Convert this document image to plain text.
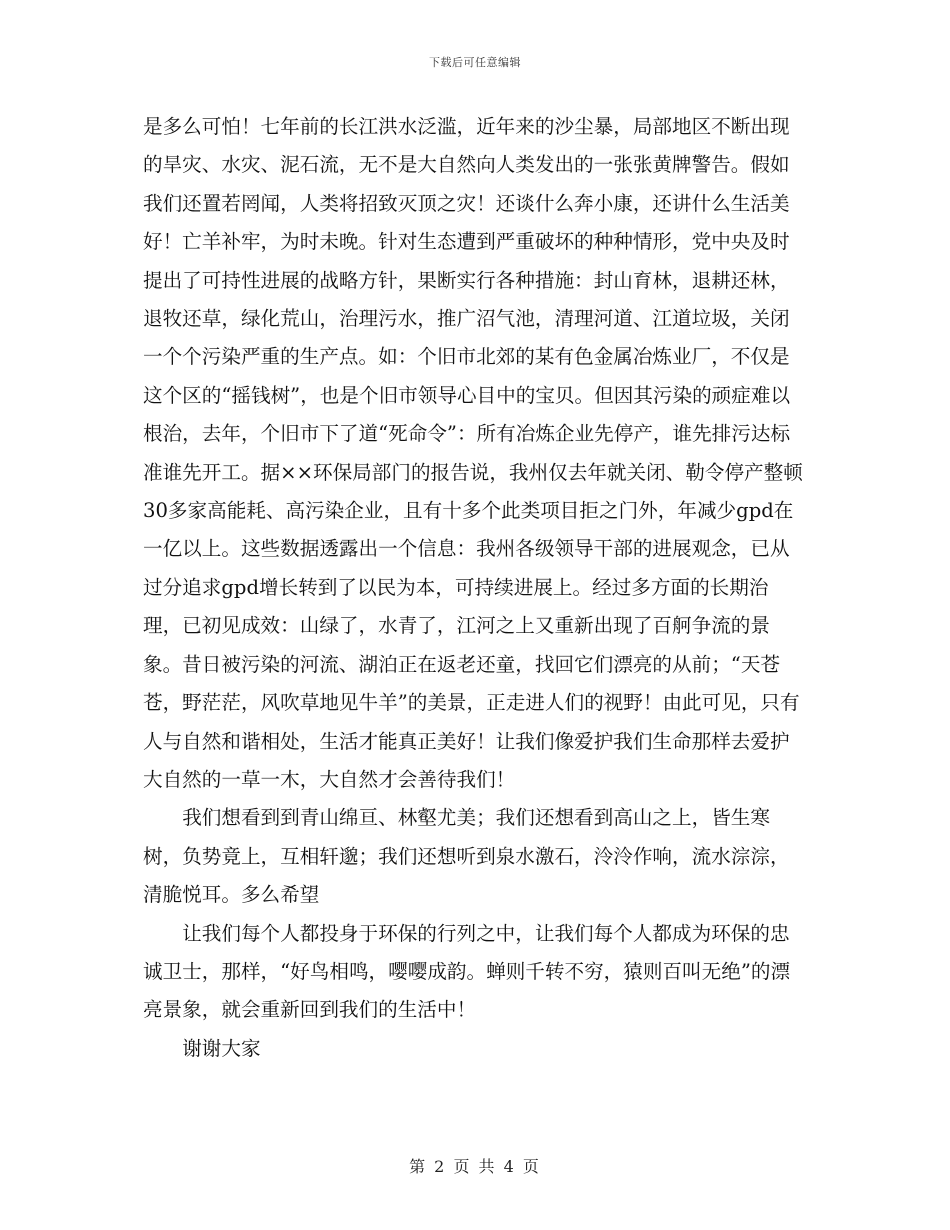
下载后可任意编辑

是多么可怕！七年前的长江洪水泛滥，近年来的沙尘暴，局部地区不断出现的旱灾、水灾、泥石流，无不是大自然向人类发出的一张张黄牌警告。假如我们还置若罔闻，人类将招致灭顶之灾！还谈什么奔小康，还讲什么生活美好！亡羊补牢，为时未晚。针对生态遭到严重破坏的种种情形，党中央及时提出了可持性进展的战略方针，果断实行各种措施：封山育林，退耕还林，退牧还草，绿化荒山，治理污水，推广沼气池，清理河道、江道垃圾，关闭一个个污染严重的生产点。如：个旧市北郊的某有色金属冶炼业厂，不仅是这个区的“摇钱树”，也是个旧市领导心目中的宝贝。但因其污染的顽症难以根治，去年，个旧市下了道“死命令”：所有冶炼企业先停产，谁先排污达标准谁先开工。据××环保局部门的报告说，我州仅去年就关闭、勒令停产整顿30多家高能耗、高污染企业，且有十多个此类项目拒之门外，年减少gpd在一亿以上。这些数据透露出一个信息：我州各级领导干部的进展观念，已从过分追求gpd增长转到了以民为本，可持续进展上。经过多方面的长期治理，已初见成效：山绿了，水青了，江河之上又重新出现了百舸争流的景象。昔日被污染的河流、湖泊正在返老还童，找回它们漂亮的从前；“天苍苍，野茫茫，风吹草地见牛羊”的美景，正走进人们的视野！由此可见，只有人与自然和谐相处，生活才能真正美好！让我们像爱护我们生命那样去爱护大自然的一草一木，大自然才会善待我们！

我们想看到到青山绵亘、林壑尤美；我们还想看到高山之上，皆生寒树，负势竟上，互相轩邈；我们还想听到泉水激石，泠泠作响，流水淙淙，清脆悦耳。多么希望

让我们每个人都投身于环保的行列之中，让我们每个人都成为环保的忠诚卫士，那样，“好鸟相鸣，嘤嘤成韵。蝉则千转不穷，猿则百叫无绝”的漂亮景象，就会重新回到我们的生活中！

谢谢大家

第 2 页 共 4 页
